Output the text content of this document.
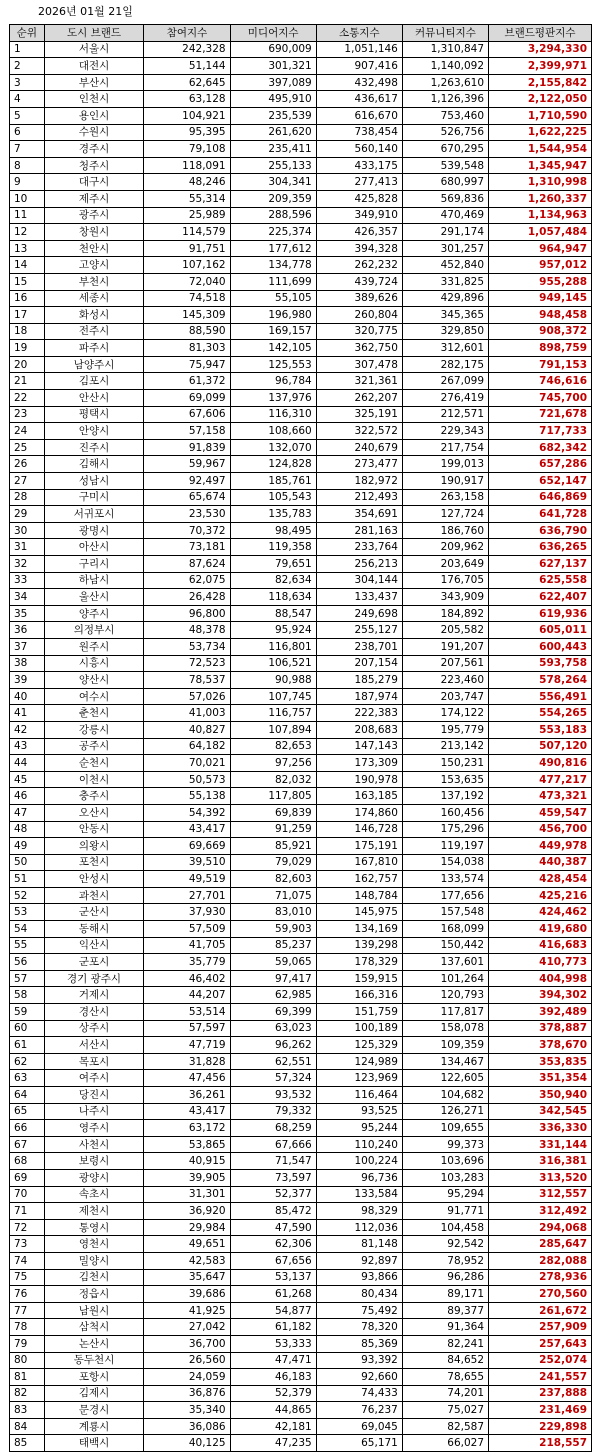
2026년 01월 21일
순위	도시 브랜드	참여지수	미디어지수	소통지수	커뮤니티지수	브랜드평판지수
1	서울시	242,328	690,009	1,051,146	1,310,847	3,294,330
2	대전시	51,144	301,321	907,416	1,140,092	2,399,971
3	부산시	62,645	397,089	432,498	1,263,610	2,155,842
4	인천시	63,128	495,910	436,617	1,126,396	2,122,050
5	용인시	104,921	235,539	616,670	753,460	1,710,590
6	수원시	95,395	261,620	738,454	526,756	1,622,225
7	경주시	79,108	235,411	560,140	670,295	1,544,954
8	청주시	118,091	255,133	433,175	539,548	1,345,947
9	대구시	48,246	304,341	277,413	680,997	1,310,998
10	제주시	55,314	209,359	425,828	569,836	1,260,337
11	광주시	25,989	288,596	349,910	470,469	1,134,963
12	창원시	114,579	225,374	426,357	291,174	1,057,484
13	천안시	91,751	177,612	394,328	301,257	964,947
14	고양시	107,162	134,778	262,232	452,840	957,012
15	부천시	72,040	111,699	439,724	331,825	955,288
16	세종시	74,518	55,105	389,626	429,896	949,145
17	화성시	145,309	196,980	260,804	345,365	948,458
18	전주시	88,590	169,157	320,775	329,850	908,372
19	파주시	81,303	142,105	362,750	312,601	898,759
20	남양주시	75,947	125,553	307,478	282,175	791,153
21	김포시	61,372	96,784	321,361	267,099	746,616
22	안산시	69,099	137,976	262,207	276,419	745,700
23	평택시	67,606	116,310	325,191	212,571	721,678
24	안양시	57,158	108,660	322,572	229,343	717,733
25	진주시	91,839	132,070	240,679	217,754	682,342
26	김해시	59,967	124,828	273,477	199,013	657,286
27	성남시	92,497	185,761	182,972	190,917	652,147
28	구미시	65,674	105,543	212,493	263,158	646,869
29	서귀포시	23,530	135,783	354,691	127,724	641,728
30	광명시	70,372	98,495	281,163	186,760	636,790
31	아산시	73,181	119,358	233,764	209,962	636,265
32	구리시	87,624	79,651	256,213	203,649	627,137
33	하남시	62,075	82,634	304,144	176,705	625,558
34	울산시	26,428	118,634	133,437	343,909	622,407
35	양주시	96,800	88,547	249,698	184,892	619,936
36	의정부시	48,378	95,924	255,127	205,582	605,011
37	원주시	53,734	116,801	238,701	191,207	600,443
38	시흥시	72,523	106,521	207,154	207,561	593,758
39	양산시	78,537	90,988	185,279	223,460	578,264
40	여수시	57,026	107,745	187,974	203,747	556,491
41	춘천시	41,003	116,757	222,383	174,122	554,265
42	강릉시	40,827	107,894	208,683	195,779	553,183
43	공주시	64,182	82,653	147,143	213,142	507,120
44	순천시	70,021	97,256	173,309	150,231	490,816
45	이천시	50,573	82,032	190,978	153,635	477,217
46	충주시	55,138	117,805	163,185	137,192	473,321
47	오산시	54,392	69,839	174,860	160,456	459,547
48	안동시	43,417	91,259	146,728	175,296	456,700
49	의왕시	69,669	85,921	175,191	119,197	449,978
50	포천시	39,510	79,029	167,810	154,038	440,387
51	안성시	49,519	82,603	162,757	133,574	428,454
52	과천시	27,701	71,075	148,784	177,656	425,216
53	군산시	37,930	83,010	145,975	157,548	424,462
54	동해시	57,509	59,903	134,169	168,099	419,680
55	익산시	41,705	85,237	139,298	150,442	416,683
56	군포시	35,779	59,065	178,329	137,601	410,773
57	경기 광주시	46,402	97,417	159,915	101,264	404,998
58	거제시	44,207	62,985	166,316	120,793	394,302
59	경산시	53,514	69,399	151,759	117,817	392,489
60	상주시	57,597	63,023	100,189	158,078	378,887
61	서산시	47,719	96,262	125,329	109,359	378,670
62	목포시	31,828	62,551	124,989	134,467	353,835
63	여주시	47,456	57,324	123,969	122,605	351,354
64	당진시	36,261	93,532	116,464	104,682	350,940
65	나주시	43,417	79,332	93,525	126,271	342,545
66	영주시	63,172	68,259	95,244	109,655	336,330
67	사천시	53,865	67,666	110,240	99,373	331,144
68	보령시	40,915	71,547	100,224	103,696	316,381
69	광양시	39,905	73,597	96,736	103,283	313,520
70	속초시	31,301	52,377	133,584	95,294	312,557
71	제천시	36,920	85,472	98,329	91,771	312,492
72	통영시	29,984	47,590	112,036	104,458	294,068
73	영천시	49,651	62,306	81,148	92,542	285,647
74	밀양시	42,583	67,656	92,897	78,952	282,088
75	김천시	35,647	53,137	93,866	96,286	278,936
76	정읍시	39,686	61,268	80,434	89,171	270,560
77	남원시	41,925	54,877	75,492	89,377	261,672
78	삼척시	27,042	61,182	78,320	91,364	257,909
79	논산시	36,700	53,333	85,369	82,241	257,643
80	동두천시	26,560	47,471	93,392	84,652	252,074
81	포항시	24,059	46,183	92,660	78,655	241,557
82	김제시	36,876	52,379	74,433	74,201	237,888
83	문경시	35,340	44,865	76,237	75,027	231,469
84	계룡시	36,086	42,181	69,045	82,587	229,898
85	태백시	40,125	47,235	65,171	66,027	218,557
